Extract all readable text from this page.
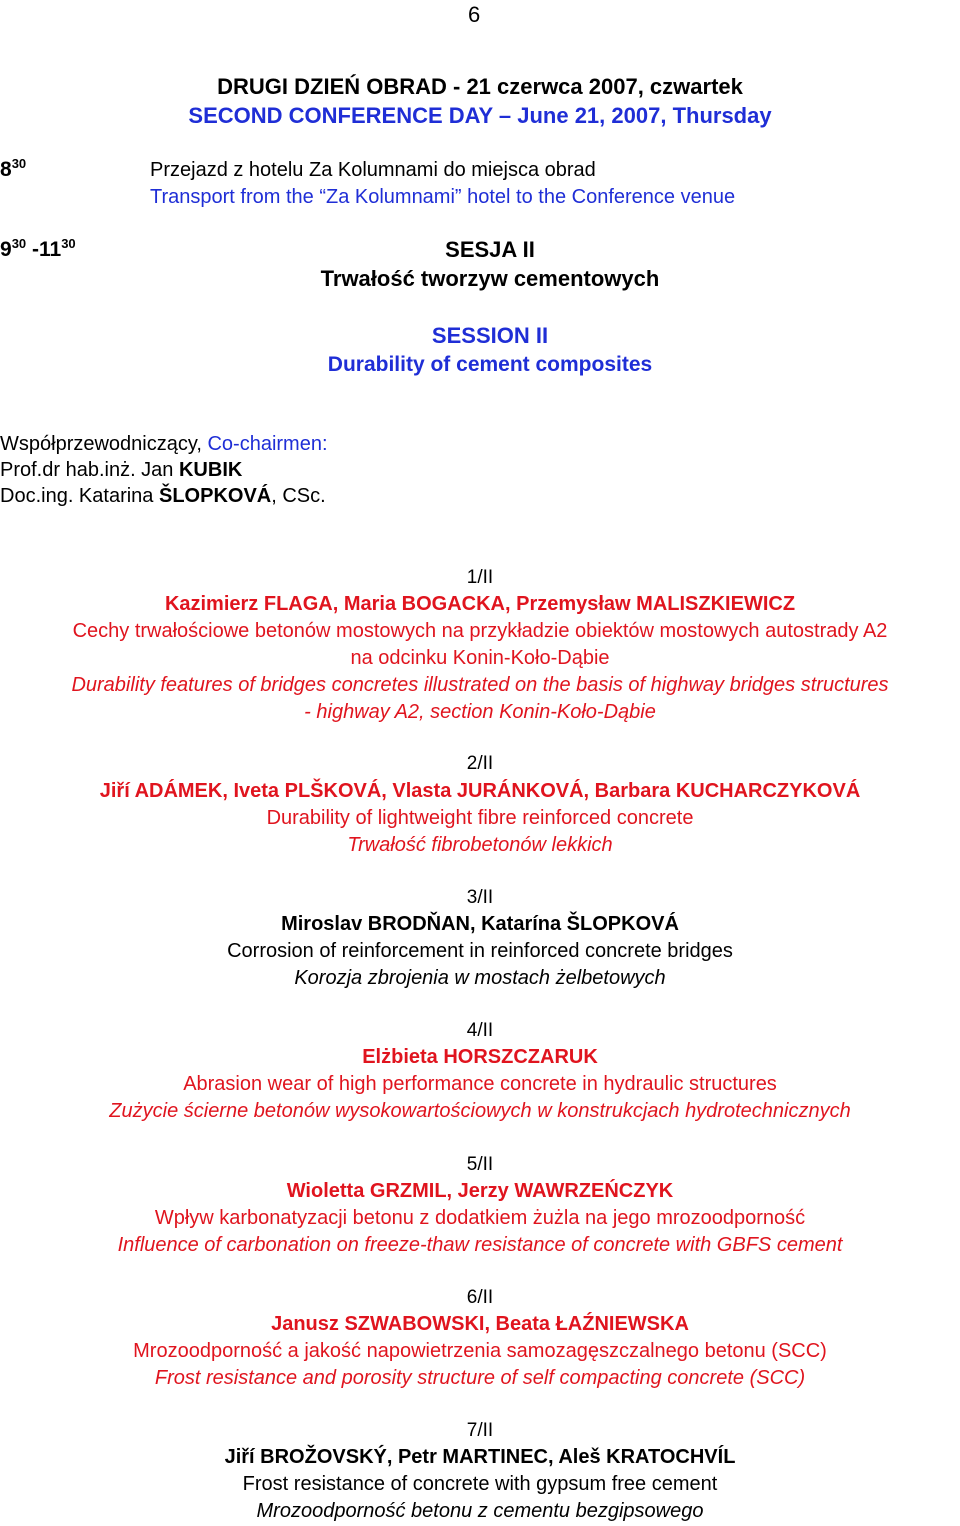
6
DRUGI DZIEŃ OBRAD - 21 czerwca 2007, czwartek
SECOND CONFERENCE DAY – June 21, 2007, Thursday
$8^{30}$	Przejazd z hotelu Za Kolumnami do miejsca obrad
Transport from the “Za Kolumnami” hotel to the Conference venue
$9^{30}$ $-11^{30}$	SESJA II
Trwałość tworzyw cementowych
SESSION II
Durability of cement composites
Współprzewodniczący, Co-chairmen:
Prof.dr hab.inż. Jan KUBIK
Doc.ing. Katarina ŠLOPKOVÁ, CSc.
1/II
Kazimierz FLAGA, Maria BOGACKA, Przemysław MALISZKIEWICZ
Cechy trwałościowe betonów mostowych na przykładzie obiektów mostowych autostrady A2
na odcinku Konin-Koło-Dąbie
Durability features of bridges concretes illustrated on the basis of highway bridges structures
- highway A2, section Konin-Koło-Dąbie
2/II
Jiří ADÁMEK, Iveta PLŠKOVÁ, Vlasta JURÁNKOVÁ, Barbara KUCHARCZYKOVÁ
Durability of lightweight fibre reinforced concrete
Trwałość fibrobetonów lekkich
3/II
Miroslav BRODŇAN, Katarína ŠLOPKOVÁ
Corrosion of reinforcement in reinforced concrete bridges
Korozja zbrojenia w mostach żelbetowych
4/II
Elżbieta HORSZCZARUK
Abrasion wear of high performance concrete in hydraulic structures
Zużycie ścierne betonów wysokowartościowych w konstrukcjach hydrotechnicznych
5/II
Wioletta GRZMIL, Jerzy WAWRZEŃCZYK
Wpływ karbonatyzacji betonu z dodatkiem żużla na jego mrozoodporność
Influence of carbonation on freeze-thaw resistance of concrete with GBFS cement
6/II
Janusz SZWABOWSKI, Beata ŁAŹNIEWSKA
Mrozoodporność a jakość napowietrzenia samozagęszczalnego betonu (SCC)
Frost resistance and porosity structure of self compacting concrete (SCC)
7/II
Jiří BROŽOVSKÝ, Petr MARTINEC, Aleš KRATOCHVÍL
Frost resistance of concrete with gypsum free cement
Mrozoodporność betonu z cementu bezgipsowego
